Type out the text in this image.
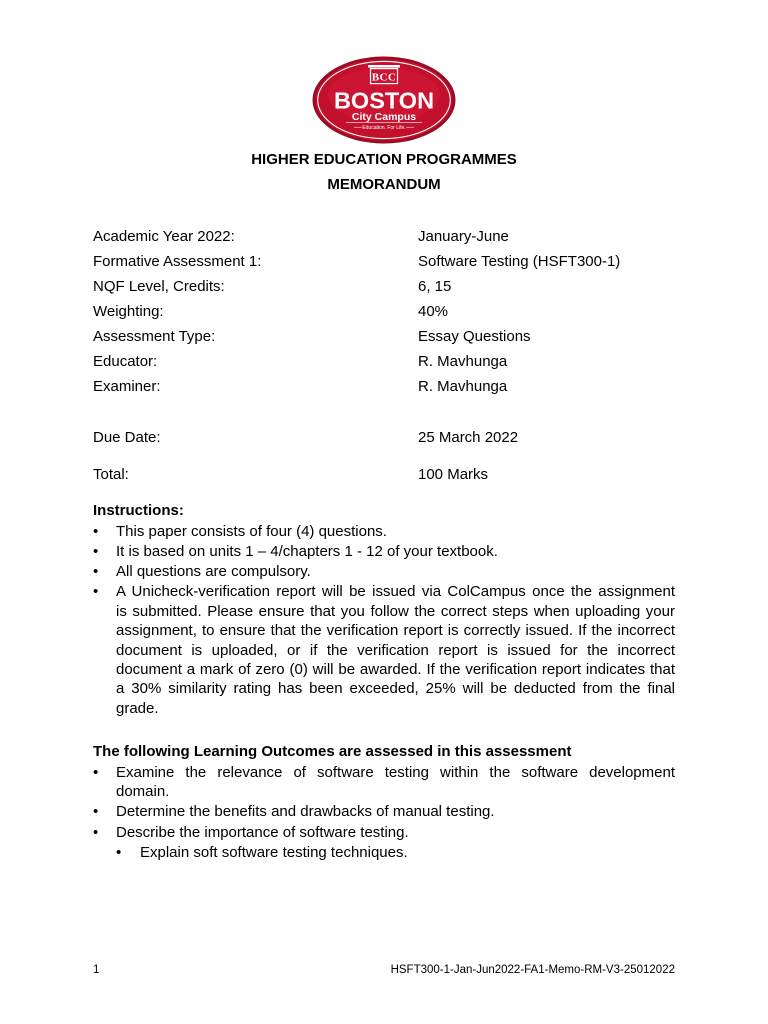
BCC
BOSTON
City Campus
Education. For Life.
HIGHER EDUCATION PROGRAMMES
MEMORANDUM
Academic Year 2022:	January-June
Formative Assessment 1:	Software Testing (HSFT300-1)
NQF Level, Credits:	6, 15
Weighting:	40%
Assessment Type:	Essay Questions
Educator:	R. Mavhunga
Examiner:	R. Mavhunga
Due Date:	25 March 2022
Total:	100 Marks
Instructions:
•
This paper consists of four (4) questions.
•
It is based on units 1 – 4/chapters 1 - 12 of your textbook.
•
All questions are compulsory.
•
A Unicheck-verification report will be issued via ColCampus once the assignment
is submitted. Please ensure that you follow the correct steps when uploading your
assignment, to ensure that the verification report is correctly issued. If the incorrect
document is uploaded, or if the verification report is issued for the incorrect
document a mark of zero (0) will be awarded. If the verification report indicates that
a 30% similarity rating has been exceeded, 25% will be deducted from the final
grade.
The following Learning Outcomes are assessed in this assessment
•
Examine the relevance of software testing within the software development
domain.
•
Determine the benefits and drawbacks of manual testing.
•
Describe the importance of software testing.
•
Explain soft software testing techniques.
1	HSFT300-1-Jan-Jun2022-FA1-Memo-RM-V3-25012022
